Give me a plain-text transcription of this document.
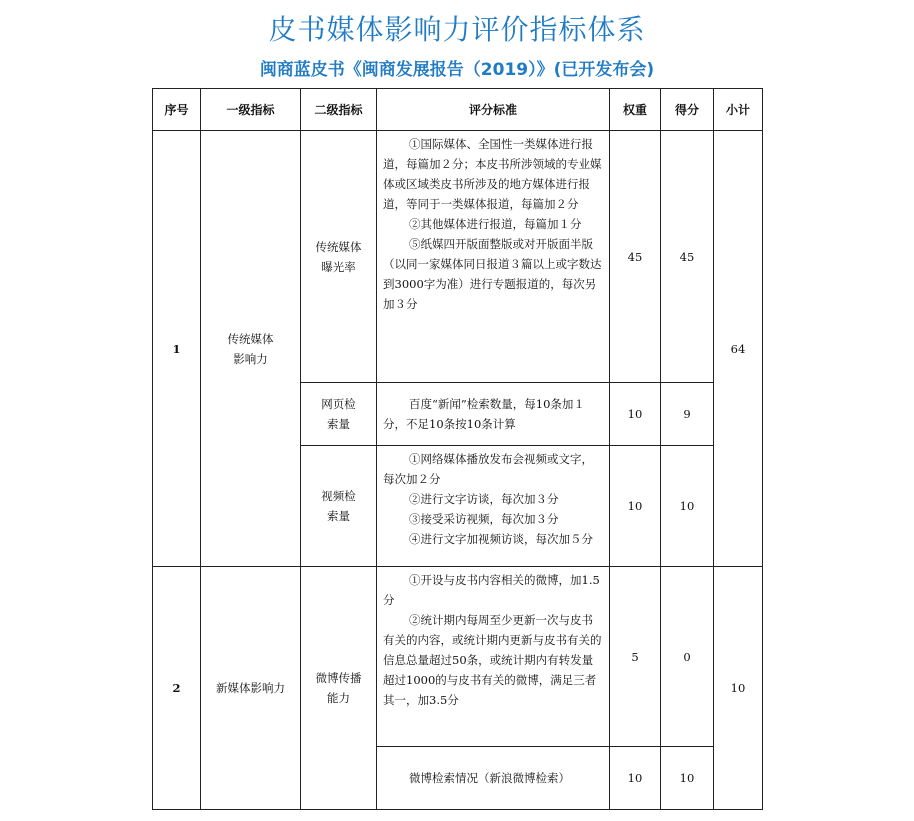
皮书媒体影响力评价指标体系
闽商蓝皮书《闽商发展报告（2019）》(已开发布会)
序号	一级指标	二级指标	评分标准	权重	得分	小计
1	传统媒体影响力	传统媒体曝光率	①国际媒体、全国性一类媒体进行报道，每篇加２分；本皮书所涉领域的专业媒体或区域类皮书所涉及的地方媒体进行报道，等同于一类媒体报道，每篇加２分

②其他媒体进行报道，每篇加１分

⑤纸媒四开版面整版或对开版面半版（以同一家媒体同日报道３篇以上或字数达到3000字为准）进行专题报道的，每次另加３分	45	45	64

		网页检索量	百度“新闻”检索数量，每10条加１分，不足10条按10条计算	10	9	

		视频检索量	①网络媒体播放发布会视频或文字，每次加２分

②进行文字访谈，每次加３分

③接受采访视频，每次加３分

④进行文字加视频访谈，每次加５分	10	10	
2	新媒体影响力	微博传播能力	①开设与皮书内容相关的微博，加1.5分

②统计期内每周至少更新一次与皮书有关的内容，或统计期内更新与皮书有关的信息总量超过50条，或统计期内有转发量超过1000的与皮书有关的微博，满足三者其一，加3.5分	5	0	10

			微博检索情况（新浪微博检索）	10	10	
